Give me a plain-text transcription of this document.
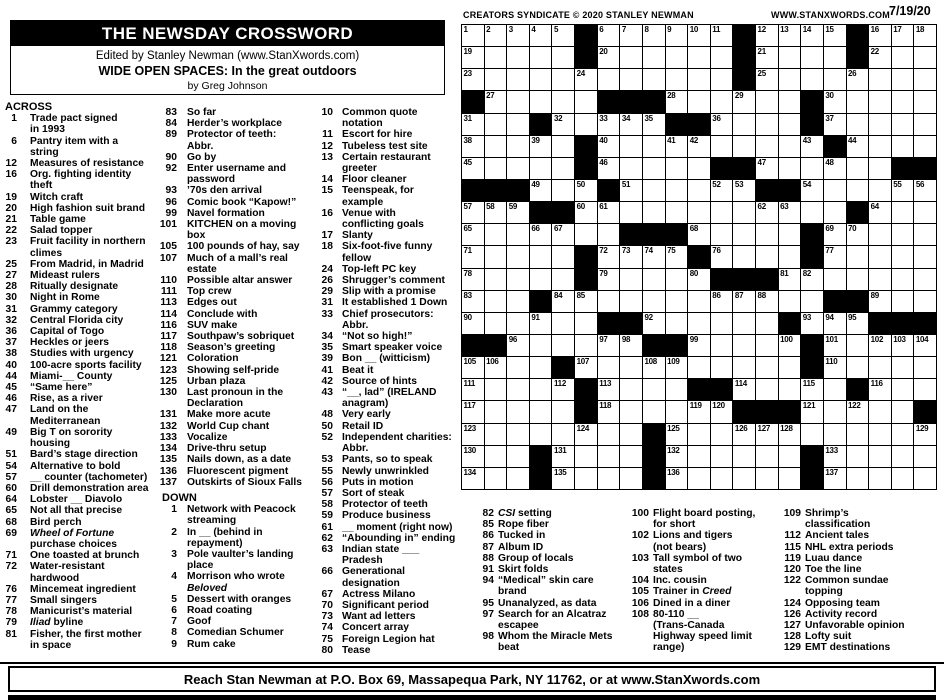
CREATORS SYNDICATE © 2020 STANLEY NEWMAN	WWW.STANXWORDS.COM 7/19/20
THE NEWSDAY CROSSWORD
Edited by Stanley Newman (www.StanXwords.com)
WIDE OPEN SPACES: In the great outdoors
by Greg Johnson
ACROSS
1 Trade pact signed
in 1993
6 Pantry item with a
string
12 Measures of resistance
16 Org. fighting identity
theft
19 Witch craft
20 High fashion suit brand
21 Table game
22 Salad topper
23 Fruit facility in northern
climes
25 From Madrid, in Madrid
27 Mideast rulers
28 Ritually designate
30 Night in Rome
31 Grammy category
32 Central Florida city
36 Capital of Togo
37 Heckles or jeers
38 Studies with urgency
40 100-acre sports facility
44 Miami-__ County
45 “Same here”
46 Rise, as a river
47 Land on the
Mediterranean
49 Big T on sorority
housing
51 Bard’s stage direction
54 Alternative to bold
57 __ counter (tachometer)
60 Drill demonstration area
64 Lobster __ Diavolo
65 Not all that precise
68 Bird perch
69 Wheel of Fortune
purchase choices
71 One toasted at brunch
72 Water-resistant
hardwood
76 Mincemeat ingredient
77 Small singers
78 Manicurist’s material
79 Iliad byline
81 Fisher, the first mother
in space
83 So far
84 Herder’s workplace
89 Protector of teeth:
Abbr.
90 Go by
92 Enter username and
password
93 ’70s den arrival
96 Comic book “Kapow!”
99 Navel formation
101 KITCHEN on a moving
box
105 100 pounds of hay, say
107 Much of a mall’s real
estate
110 Possible altar answer
111 Top crew
113 Edges out
114 Conclude with
116 SUV make
117 Southpaw’s sobriquet
118 Season’s greeting
121 Coloration
123 Showing self-pride
125 Urban plaza
130 Last pronoun in the
Declaration
131 Make more acute
132 World Cup chant
133 Vocalize
134 Drive-thru setup
135 Nails down, as a date
136 Fluorescent pigment
137 Outskirts of Sioux Falls
DOWN
1 Network with Peacock
streaming
2 In __ (behind in
repayment)
3 Pole vaulter’s landing
place
4 Morrison who wrote
Beloved
5 Dessert with oranges
6 Road coating
7 Goof
8 Comedian Schumer
9 Rum cake
10 Common quote
notation
11 Escort for hire
12 Tubeless test site
13 Certain restaurant
greeter
14 Floor cleaner
15 Teenspeak, for
example
16 Venue with
conflicting goals
17 Slanty
18 Six-foot-five funny
fellow
24 Top-left PC key
26 Shrugger’s comment
29 Slip with a promise
31 It established 1 Down
33 Chief prosecutors:
Abbr.
34 “Not so high!”
35 Smart speaker voice
39 Bon __ (witticism)
41 Beat it
42 Source of hints
43 “__, lad” (IRELAND
anagram)
48 Very early
50 Retail ID
52 Independent charities:
Abbr.
53 Pants, so to speak
55 Newly unwrinkled
56 Puts in motion
57 Sort of steak
58 Protector of teeth
59 Produce business
61 __ moment (right now)
62 “Abounding in” ending
63 Indian state ___
Pradesh
66 Generational
designation
67 Actress Milano
70 Significant period
73 Want ad letters
74 Concert array
75 Foreign Legion hat
80 Tease
82 CSI setting
85 Rope fiber
86 Tucked in
87 Album ID
88 Group of locals
91 Skirt folds
94 “Medical” skin care
brand
95 Unanalyzed, as data
97 Search for an Alcatraz
escapee
98 Whom the Miracle Mets
beat
100 Flight board posting,
for short
102 Lions and tigers
(not bears)
103 Tall symbol of two
states
104 Inc. cousin
105 Trainer in Creed
106 Dined in a diner
108 80-110 __
(Trans-Canada
Highway speed limit
range)
109 Shrimp’s
classification
112 Ancient tales
115 NHL extra periods
119 Luau dance
120 Toe the line
122 Common sundae
topping
124 Opposing team
126 Activity record
127 Unfavorable opinion
128 Lofty suit
129 EMT destinations
1 2 3 4 5	6 7 8 9 10 11	12 13 14 15	16 17 18
19	20	21	22
23	24	25	26
27	28	29	30
31	32	33 34 35	36	37
38	39	40	41 42	43	44
45	46	47	48
49	50	51	52 53	54	55 56
57 58 59	60 61	62 63	64
65	66 67	68	69 70
71	72 73 74 75	76	77
78	79	80	81 82
83	84 85	86 87 88	89
90	91	92	93 94 95
96	97 98	99	100	101	102 103 104
105 106	107	108 109	110
111	112	113	114	115	116
117	118	119 120	121	122
123	124	125	126 127 128	129
130	131	132	133
134	135	136	137
Reach Stan Newman at P.O. Box 69, Massapequa Park, NY 11762, or at www.StanXwords.com
